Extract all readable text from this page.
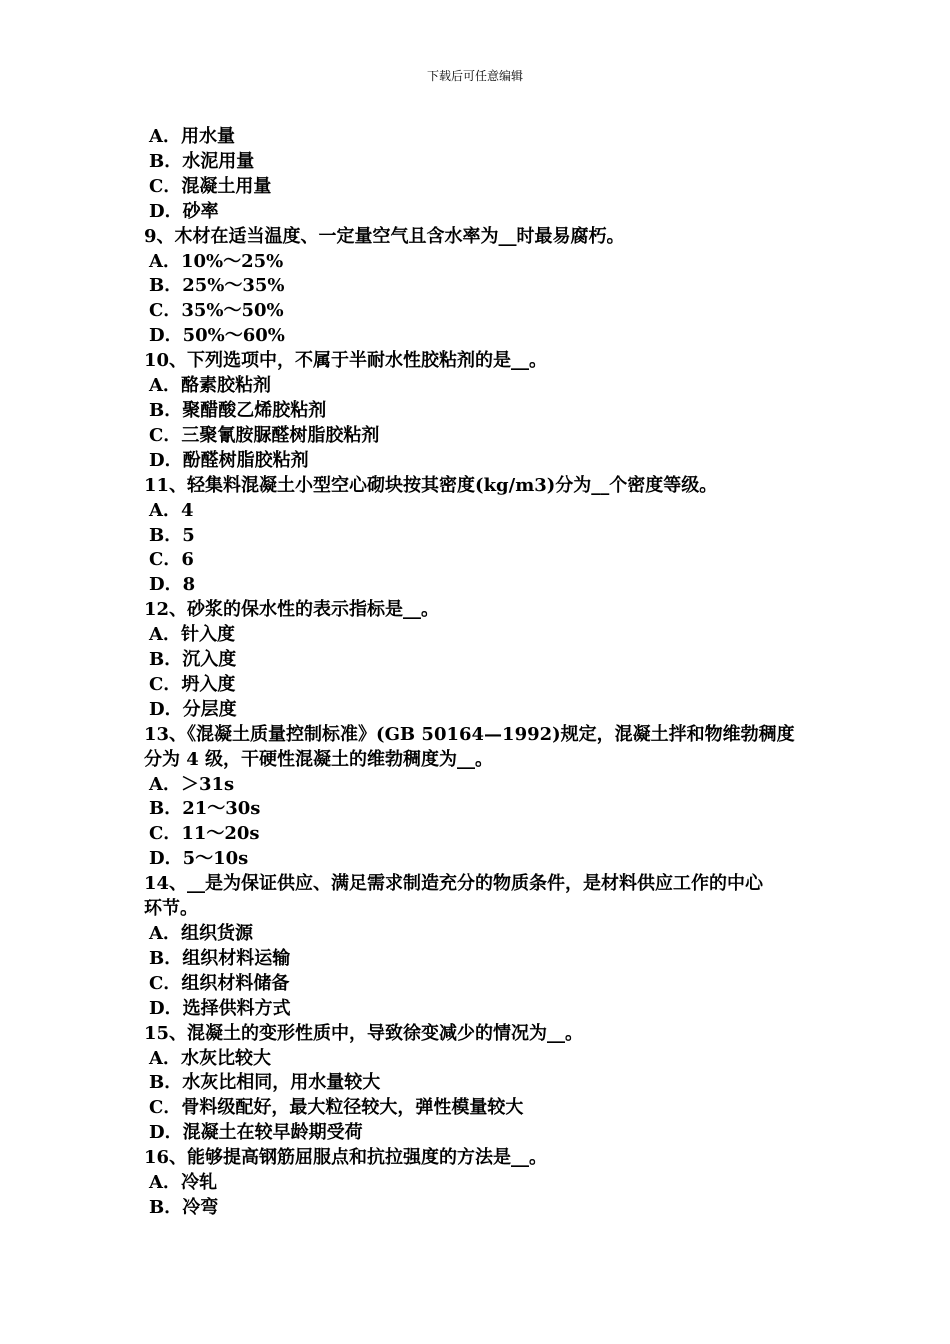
下载后可任意编辑
A．用水量
B．水泥用量
C．混凝土用量
D．砂率
9、木材在适当温度、一定量空气且含水率为__时最易腐朽。
A．10%～25%
B．25%～35%
C．35%～50%
D．50%～60%
10、下列选项中，不属于半耐水性胶粘剂的是__。
A．酪素胶粘剂
B．聚醋酸乙烯胶粘剂
C．三聚氰胺脲醛树脂胶粘剂
D．酚醛树脂胶粘剂
11、轻集料混凝土小型空心砌块按其密度(kg/m3)分为__个密度等级。
A．4
B．5
C．6
D．8
12、砂浆的保水性的表示指标是__。
A．针入度
B．沉入度
C．坍入度
D．分层度
13、《混凝土质量控制标准》(GB 50164—1992)规定，混凝土拌和物维勃稠度
分为 4 级，干硬性混凝土的维勃稠度为__。
A．＞31s
B．21～30s
C．11～20s
D．5～10s
14、__是为保证供应、满足需求制造充分的物质条件，是材料供应工作的中心
环节。
A．组织货源
B．组织材料运输
C．组织材料储备
D．选择供料方式
15、混凝土的变形性质中，导致徐变减少的情况为__。
A．水灰比较大
B．水灰比相同，用水量较大
C．骨料级配好，最大粒径较大，弹性模量较大
D．混凝土在较早龄期受荷
16、能够提高钢筋屈服点和抗拉强度的方法是__。
A．冷轧
B．冷弯
